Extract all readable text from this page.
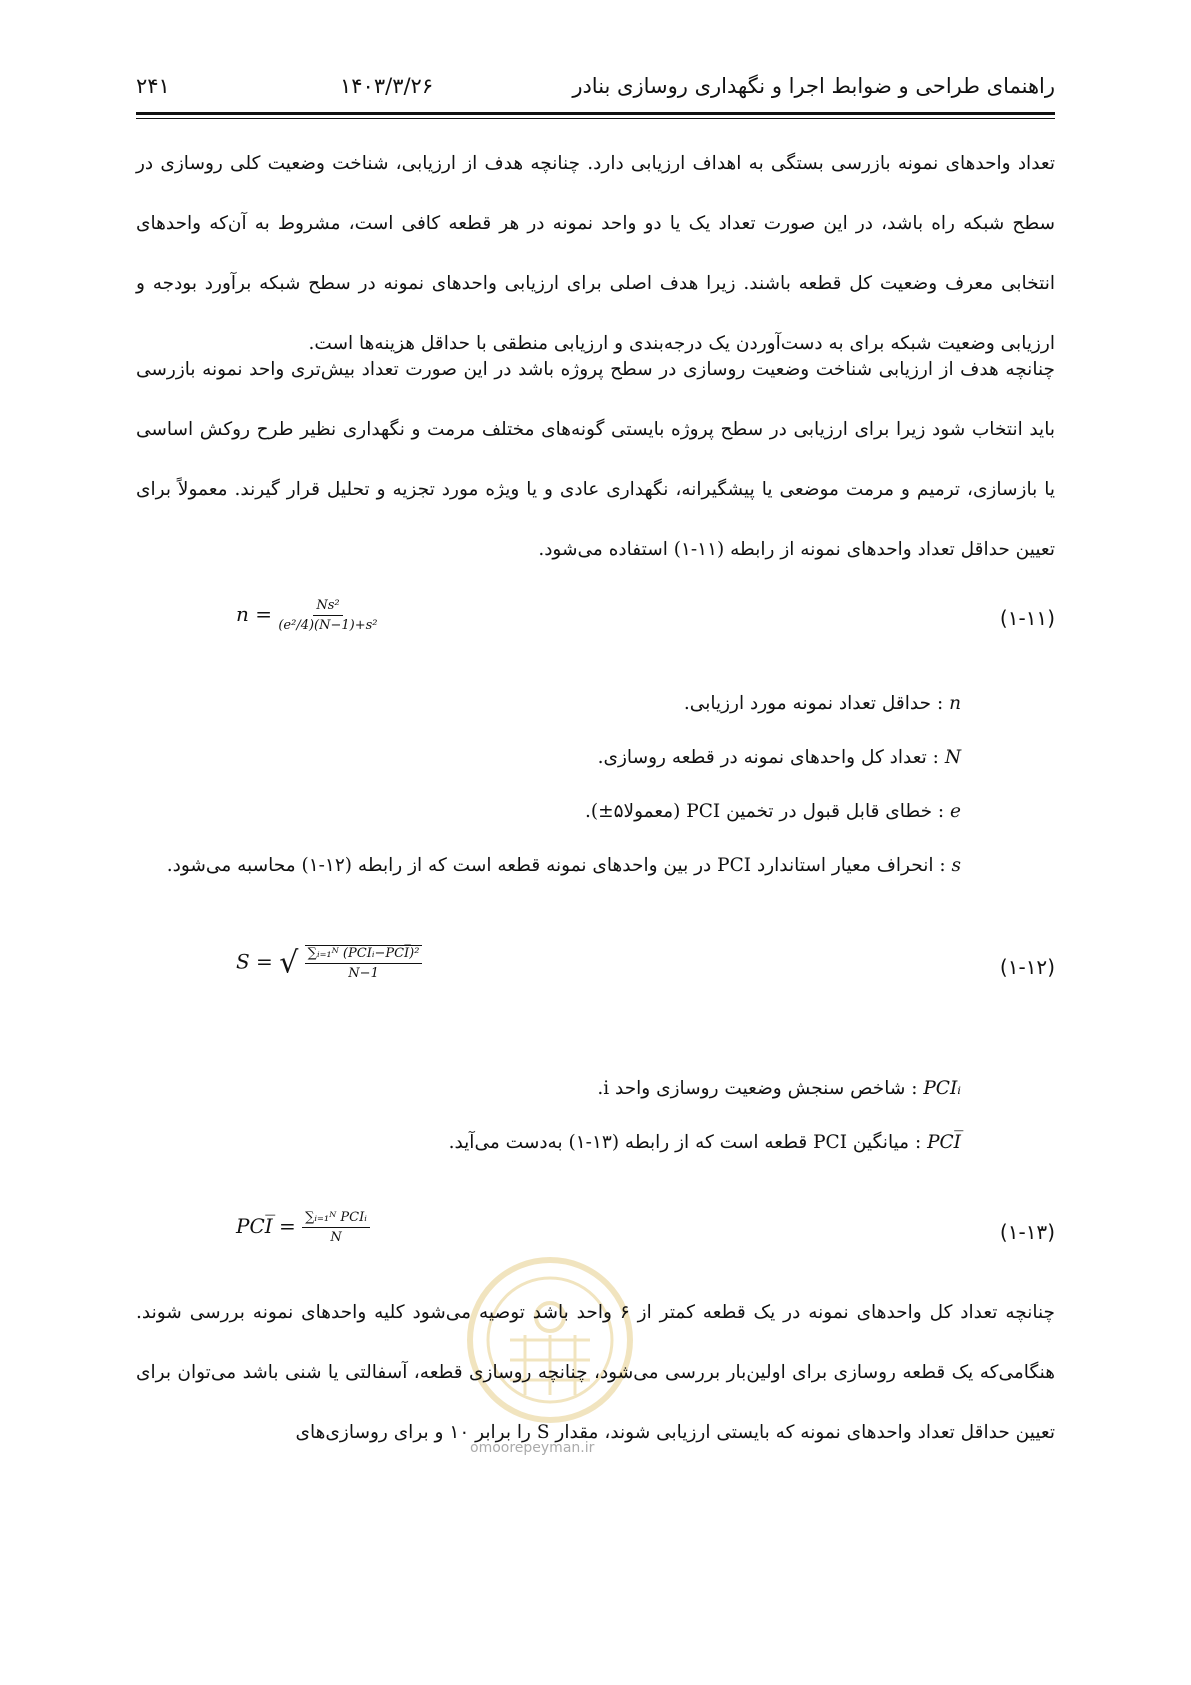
راهنمای طراحی و ضوابط اجرا و نگهداری روسازی بنادر
۱۴۰۳/۳/۲۶
۲۴۱
تعداد واحدهای نمونه بازرسی بستگی به اهداف ارزیابی دارد. چنانچه هدف از ارزیابی، شناخت وضعیت کلی روسازی در سطح شبکه راه باشد، در این صورت تعداد یک یا دو واحد نمونه در هر قطعه کافی است، مشروط به آن‌که واحدهای انتخابی معرف وضعیت کل قطعه باشند. زیرا هدف اصلی برای ارزیابی واحدهای نمونه در سطح شبکه برآورد بودجه و ارزیابی وضعیت شبکه برای به دست‌آوردن یک درجه‌بندی و ارزیابی منطقی با حداقل هزینه‌ها است.
چنانچه هدف از ارزیابی شناخت وضعیت روسازی در سطح پروژه باشد در این صورت تعداد بیش‌تری واحد نمونه بازرسی باید انتخاب شود زیرا برای ارزیابی در سطح پروژه بایستی گونه‌های مختلف مرمت و نگهداری نظیر طرح روکش اساسی یا بازسازی، ترمیم و مرمت موضعی یا پیشگیرانه، نگهداری عادی و یا ویژه مورد تجزیه و تحلیل قرار گیرند. معمولاً برای تعیین حداقل تعداد واحدهای نمونه از رابطه (۱۱-۱) استفاده می‌شود.
$n = \frac{\text{Ns²}}{\text{(e²/4)(N−1)+s²}}$	(۱-۱۱)
n : حداقل تعداد نمونه مورد ارزیابی.
N : تعداد کل واحدهای نمونه در قطعه روسازی.
e : خطای قابل قبول در تخمین PCI (معمولا۵±).
s : انحراف معیار استاندارد PCI در بین واحدهای نمونه قطعه است که از رابطه (۱۲-۱) محاسبه می‌شود.
S = √ $\frac{\text{∑ᵢ₌₁ᴺ (PCIᵢ−PCI̅)²}}{N-1}$	(۱-۱۲)
PCIᵢ : شاخص سنجش وضعیت روسازی واحد i.
PCI̅ : میانگین PCI قطعه است که از رابطه (۱۳-۱) به‌دست می‌آید.
PCI̅ = $\frac{\text{∑ᵢ₌₁ᴺ PCIᵢ}}{N}$	(۱-۱۳)
omoorepeyman.ir
چنانچه تعداد کل واحدهای نمونه در یک قطعه کمتر از ۶ واحد باشد توصیه می‌شود کلیه واحدهای نمونه بررسی شوند. هنگامی‌که یک قطعه روسازی برای اولین‌بار بررسی می‌شود، چنانچه روسازی قطعه، آسفالتی یا شنی باشد می‌توان برای تعیین حداقل تعداد واحدهای نمونه که بایستی ارزیابی شوند، مقدار S را برابر ۱۰ و برای روسازی‌های
